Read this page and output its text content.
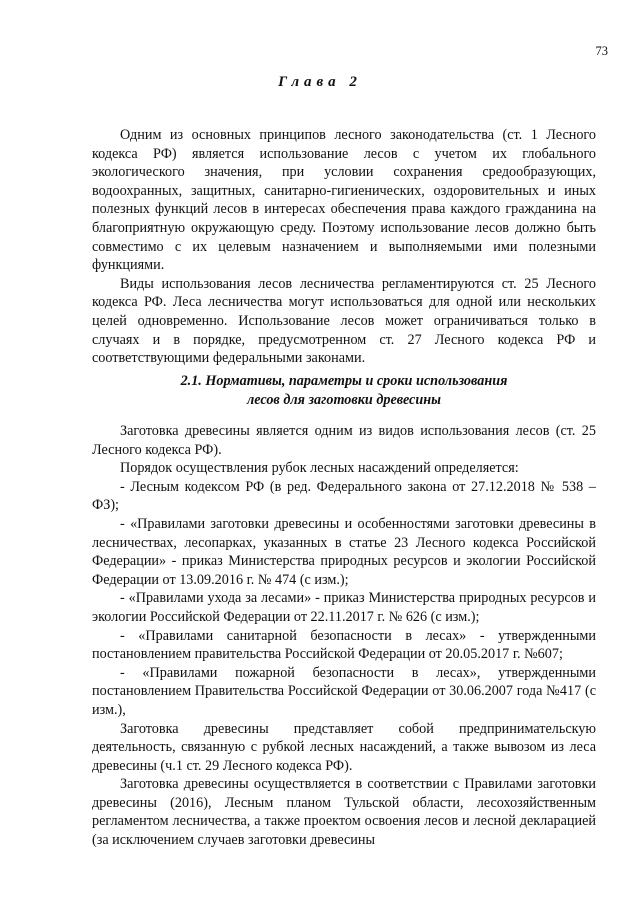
73
Глава 2

Одним из основных принципов лесного законодательства (ст. 1 Лесного кодекса РФ) является использование лесов с учетом их глобального экологического значения, при условии сохранения средообразующих, водоохранных, защитных, санитарно-гигиенических, оздоровительных и иных полезных функций лесов в интересах обеспечения права каждого гражданина на благоприятную окружающую среду. Поэтому использование лесов должно быть совместимо с их целевым назначением и выполняемыми ими полезными функциями.

Виды использования лесов лесничества регламентируются ст. 25 Лесного кодекса РФ. Леса лесничества могут использоваться для одной или нескольких целей одновременно. Использование лесов может ограничиваться только в случаях и в порядке, предусмотренном ст. 27 Лесного кодекса РФ и соответствующими федеральными законами.

2.1. Нормативы, параметры и сроки использования
лесов для заготовки древесины

Заготовка древесины является одним из видов использования лесов (ст. 25 Лесного кодекса РФ).

Порядок осуществления рубок лесных насаждений определяется:

- Лесным кодексом РФ (в ред. Федерального закона от 27.12.2018 № 538 – ФЗ);

- «Правилами заготовки древесины и особенностями заготовки древесины в лесничествах, лесопарках, указанных в статье 23 Лесного кодекса Российской Федерации» - приказ Министерства природных ресурсов и экологии Российской Федерации от 13.09.2016 г. № 474 (с изм.);

- «Правилами ухода за лесами» - приказ Министерства природных ресурсов и экологии Российской Федерации от 22.11.2017 г. № 626 (с изм.);

- «Правилами санитарной безопасности в лесах» - утвержденными постановлением правительства Российской Федерации от 20.05.2017 г. №607;

- «Правилами пожарной безопасности в лесах», утвержденными постановлением Правительства Российской Федерации от 30.06.2007 года №417 (с изм.),

Заготовка древесины представляет собой предпринимательскую деятельность, связанную с рубкой лесных насаждений, а также вывозом из леса древесины (ч.1 ст. 29 Лесного кодекса РФ).

Заготовка древесины осуществляется в соответствии с Правилами заготовки древесины (2016), Лесным планом Тульской области, лесохозяйственным регламентом лесничества, а также проектом освоения лесов и лесной декларацией (за исключением случаев заготовки древесины
